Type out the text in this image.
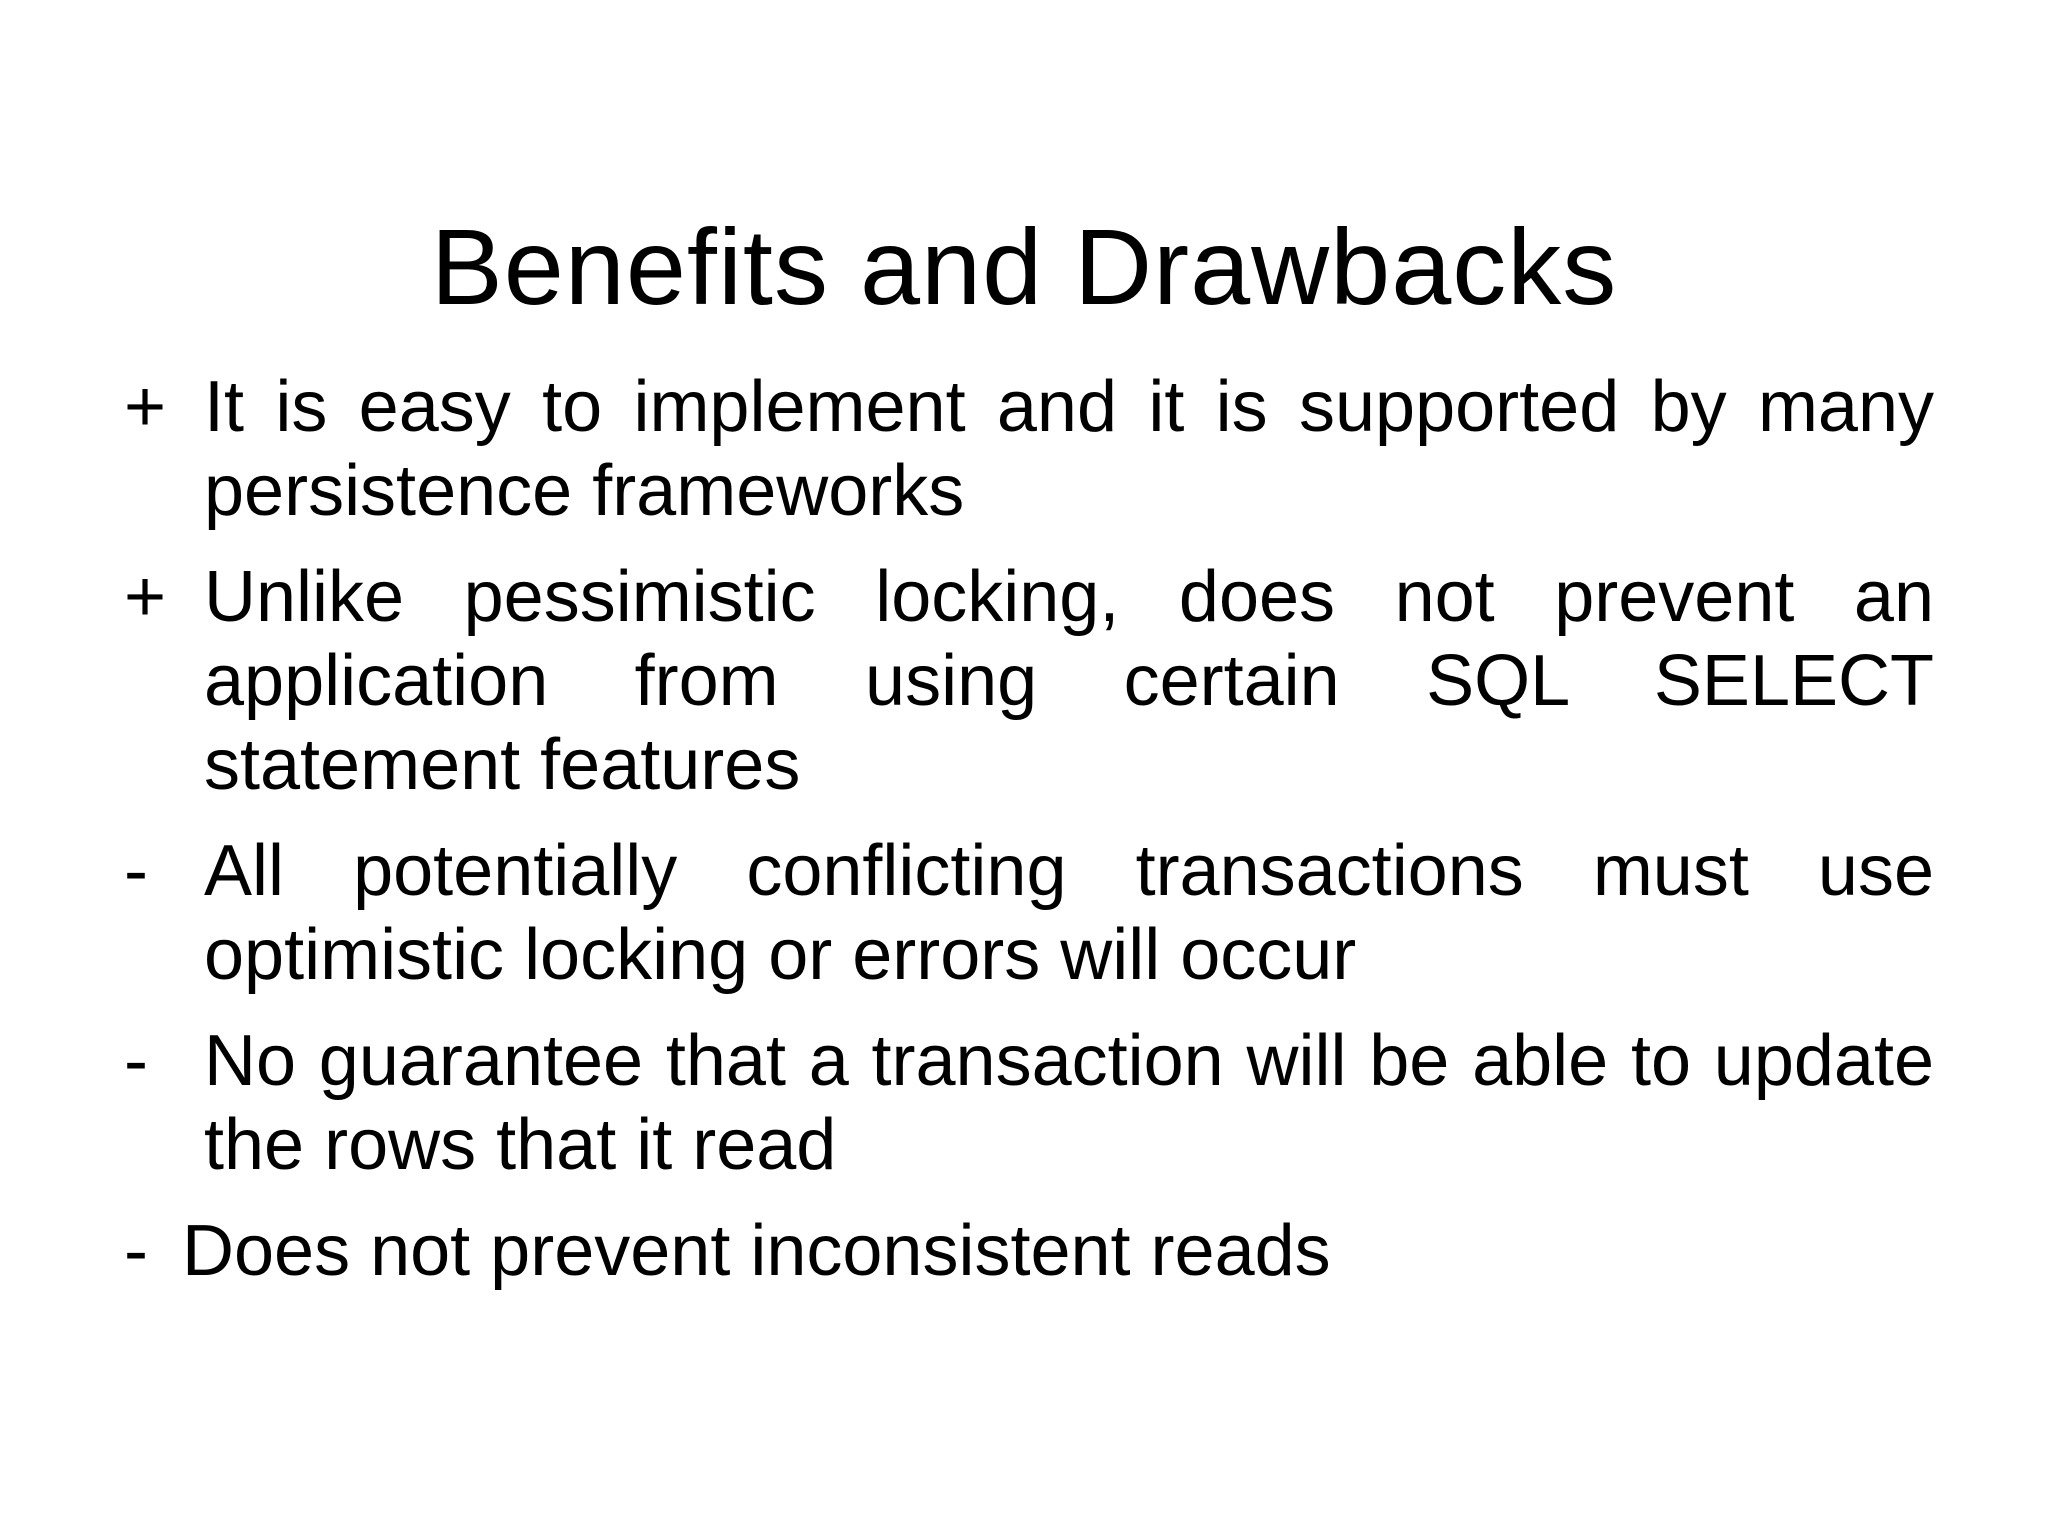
Benefits and Drawbacks
+ It is easy to implement and it is supported by many persistence frameworks
+ Unlike pessimistic locking, does not prevent an application from using certain SQL SELECT statement features
- All potentially conflicting transactions must use optimistic locking or errors will occur
- No guarantee that a transaction will be able to update the rows that it read
- Does not prevent inconsistent reads
